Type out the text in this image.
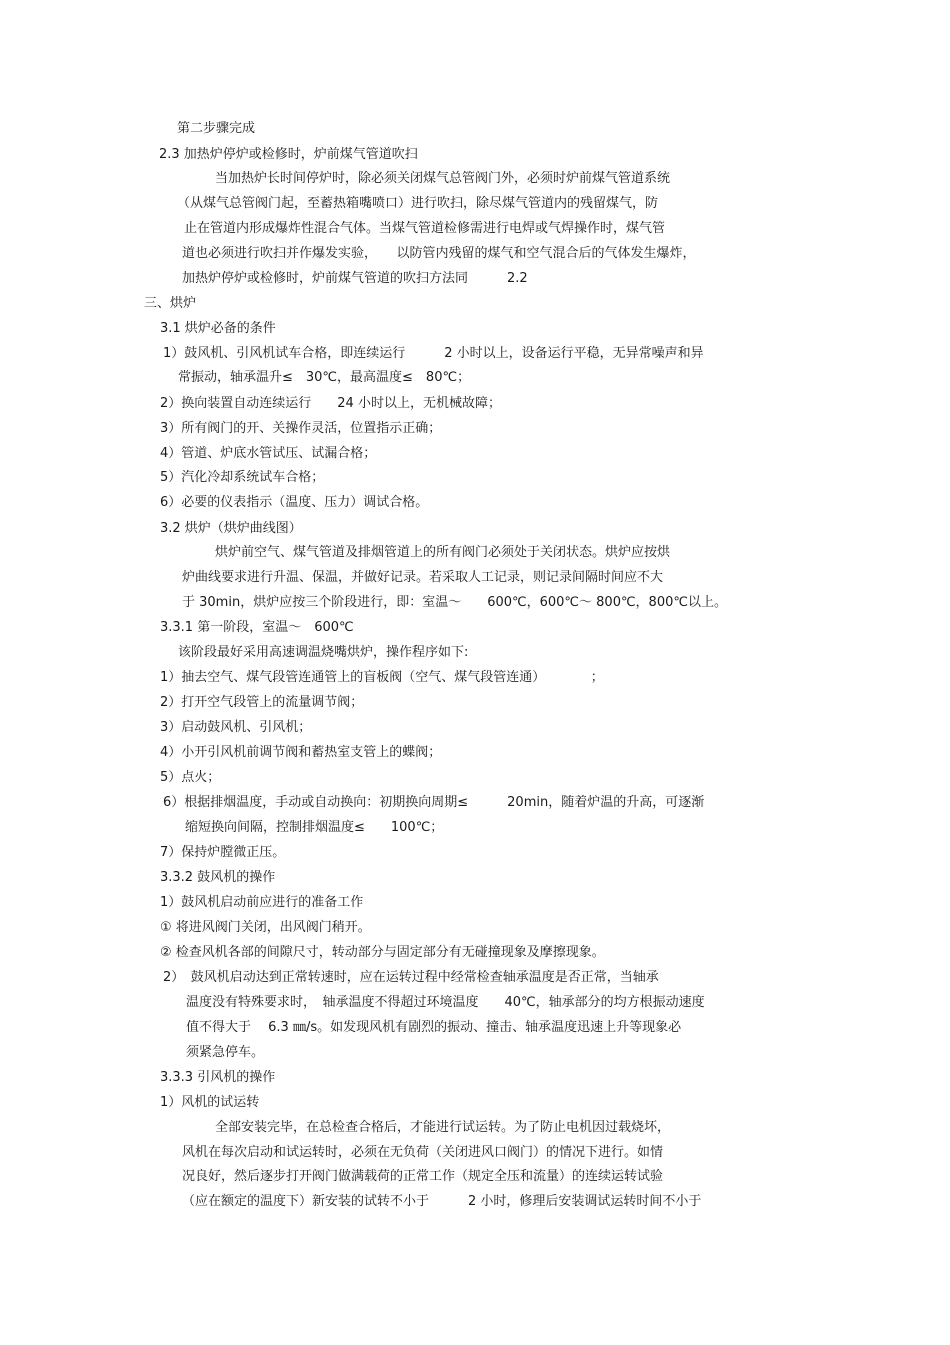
第二步骤完成
2.3 加热炉停炉或检修时，炉前煤气管道吹扫
当加热炉长时间停炉时，除必须关闭煤气总管阀门外，必须时炉前煤气管道系统
（从煤气总管阀门起，至蓄热箱嘴喷口）进行吹扫，除尽煤气管道内的残留煤气，防
止在管道内形成爆炸性混合气体。当煤气管道检修需进行电焊或气焊操作时，煤气管
道也必须进行吹扫并作爆发实验，　　以防管内残留的煤气和空气混合后的气体发生爆炸，
加热炉停炉或检修时，炉前煤气管道的吹扫方法同　　　2.2
三、烘炉
3.1 烘炉必备的条件
1）鼓风机、引风机试车合格，即连续运行　　　2 小时以上，设备运行平稳，无异常噪声和异
常振动，轴承温升≤　30℃，最高温度≤　80℃；
2）换向装置自动连续运行　　24 小时以上，无机械故障；
3）所有阀门的开、关操作灵活，位置指示正确；
4）管道、炉底水管试压、试漏合格；
5）汽化冷却系统试车合格；
6）必要的仪表指示（温度、压力）调试合格。
3.2 烘炉（烘炉曲线图）
烘炉前空气、煤气管道及排烟管道上的所有阀门必须处于关闭状态。烘炉应按烘
炉曲线要求进行升温、保温，并做好记录。若采取人工记录，则记录间隔时间应不大
于 30min，烘炉应按三个阶段进行，即：室温～　　600℃，600℃～ 800℃，800℃以上。
3.3.1 第一阶段，室温～　600℃
该阶段最好采用高速调温烧嘴烘炉，操作程序如下:
1）抽去空气、煤气段管连通管上的盲板阀（空气、煤气段管连通）　　　　；
2）打开空气段管上的流量调节阀；
3）启动鼓风机、引风机；
4）小开引风机前调节阀和蓄热室支管上的蝶阀；
5）点火；
6）根据排烟温度，手动或自动换向：初期换向周期≤　　　20min，随着炉温的升高，可逐渐
缩短换向间隔，控制排烟温度≤　　100℃；
7）保持炉膛微正压。
3.3.2 鼓风机的操作
1）鼓风机启动前应进行的准备工作
① 将进风阀门关闭，出风阀门稍开。
② 检查风机各部的间隙尺寸，转动部分与固定部分有无碰撞现象及摩擦现象。
2）　鼓风机启动达到正常转速时，应在运转过程中经常检查轴承温度是否正常，当轴承
温度没有特殊要求时，　轴承温度不得超过环境温度　　40℃，轴承部分的均方根振动速度
值不得大于　 6.3 ㎜/s。如发现风机有剧烈的振动、撞击、轴承温度迅速上升等现象必
须紧急停车。
3.3.3 引风机的操作
1）风机的试运转
全部安装完毕，在总检查合格后，才能进行试运转。为了防止电机因过载烧坏，
风机在每次启动和试运转时，必须在无负荷（关闭进风口阀门）的情况下进行。如情
况良好，然后逐步打开阀门做满载荷的正常工作（规定全压和流量）的连续运转试验
（应在额定的温度下）新安装的试转不小于　　　2 小时，修理后安装调试运转时间不小于
